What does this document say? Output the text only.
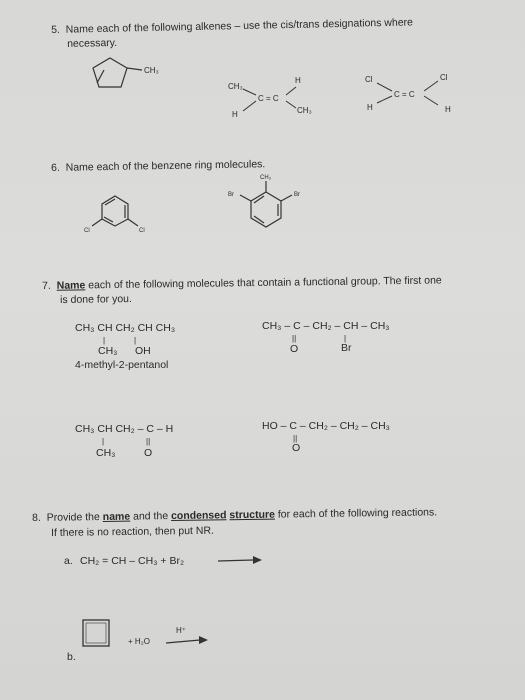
5. Name each of the following alkenes – use the cis/trans designations where
necessary.
CH₃
CH₃
H
C = C
H	CH₃
Cl	Cl
C = C
H	H
6. Name each of the benzene ring molecules.
Cl	Cl
CH₃
Br	Br
7. Name each of the following molecules that contain a functional group. The first one
is done for you.
CH₃ CH CH₂ CH CH₃
|             |
CH₃      OH
4-methyl-2-pentanol
CH₃ – C – CH₂ – CH – CH₃
||	|
O	Br
CH₃ CH CH₂ – C – H
|	||
CH₃	O
HO – C – CH₂ – CH₂ – CH₃
||
O
8. Provide the name and the condensed structure for each of the following reactions.
If there is no reaction, then put NR.
a. CH₂ = CH – CH₃ + Br₂
H⁺
+ H₂O
b.
